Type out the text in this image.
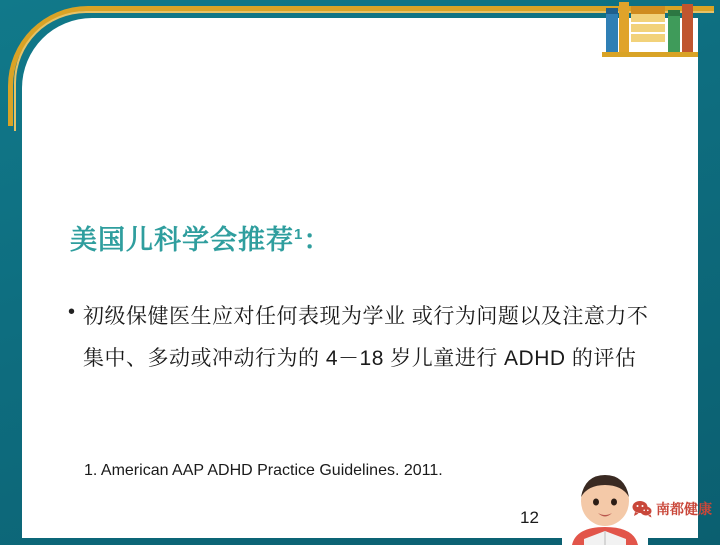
美国儿科学会推荐$^1$：
• 初级保健医生应对任何表现为学业 或行为问题以及注意力不集中、多动或冲动行为的 4－18 岁儿童进行 ADHD 的评估
1. American AAP ADHD Practice Guidelines. 2011.
12	南都健康
